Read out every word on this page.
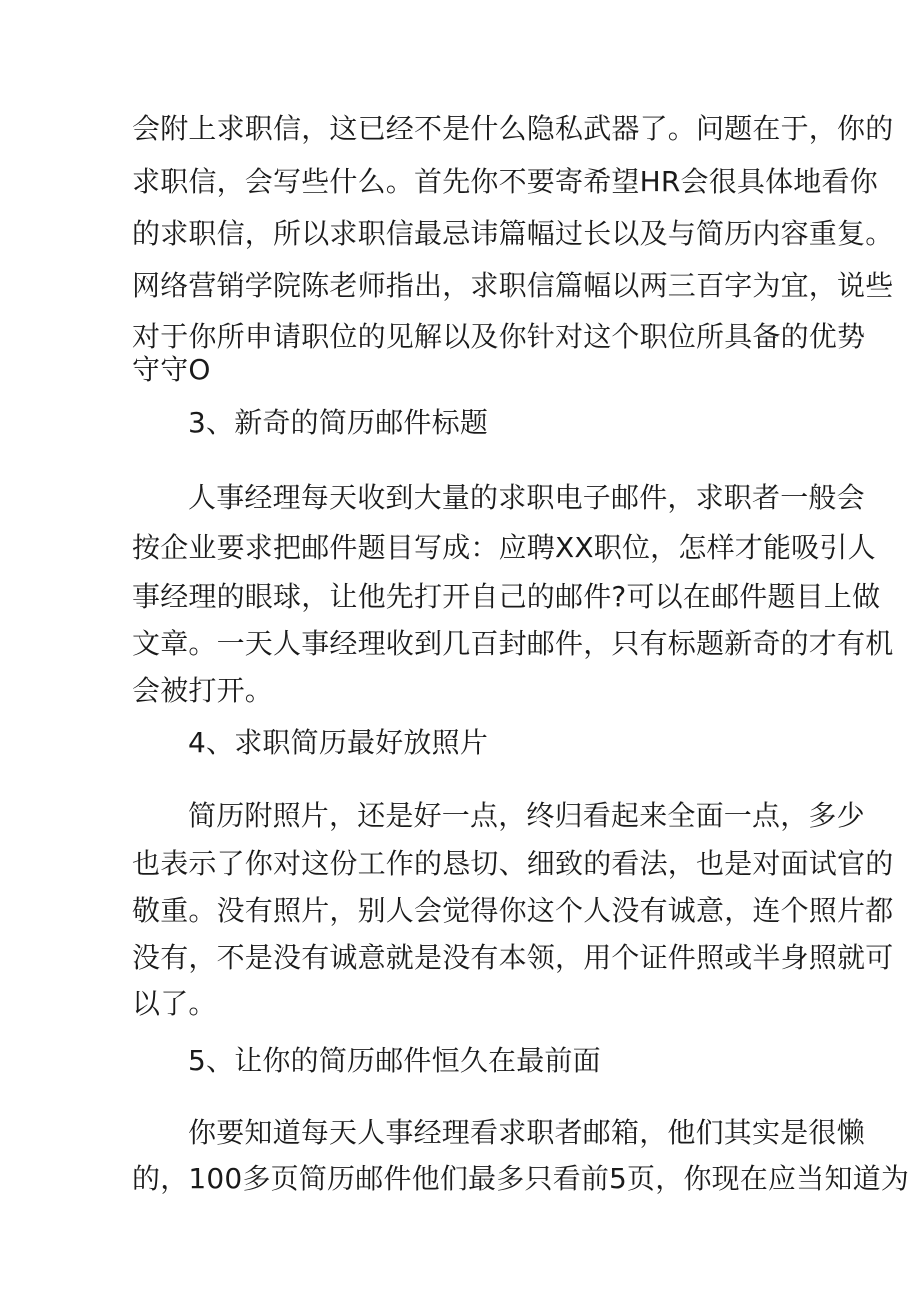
会附上求职信，这已经不是什么隐私武器了。问题在于，你的
求职信，会写些什么。首先你不要寄希望HR会很具体地看你
的求职信，所以求职信最忌讳篇幅过长以及与简历内容重复。
网络营销学院陈老师指出，求职信篇幅以两三百字为宜，说些
对于你所申请职位的见解以及你针对这个职位所具备的优势
守守O
3、新奇的简历邮件标题
人事经理每天收到大量的求职电子邮件，求职者一般会
按企业要求把邮件题目写成：应聘XX职位，怎样才能吸引人
事经理的眼球，让他先打开自己的邮件?可以在邮件题目上做
文章。一天人事经理收到几百封邮件，只有标题新奇的才有机
会被打开。
4、求职简历最好放照片
简历附照片，还是好一点，终归看起来全面一点，多少
也表示了你对这份工作的恳切、细致的看法，也是对面试官的
敬重。没有照片，别人会觉得你这个人没有诚意，连个照片都
没有，不是没有诚意就是没有本领，用个证件照或半身照就可
以了。
5、让你的简历邮件恒久在最前面
你要知道每天人事经理看求职者邮箱，他们其实是很懒
的，100多页简历邮件他们最多只看前5页，你现在应当知道为
